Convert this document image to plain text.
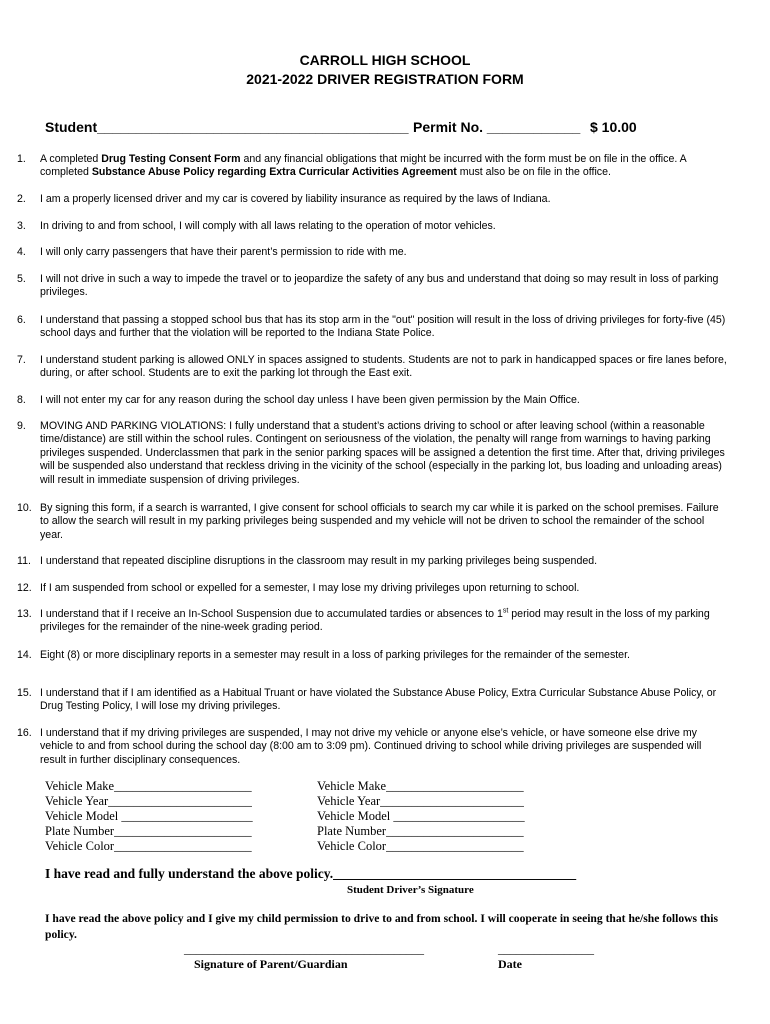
CARROLL HIGH SCHOOL
2021-2022 DRIVER REGISTRATION FORM
Student________________________________________ Permit No. ____________ $ 10.00
1. A completed Drug Testing Consent Form and any financial obligations that might be incurred with the form must be on file in the office. A completed Substance Abuse Policy regarding Extra Curricular Activities Agreement must also be on file in the office.
2. I am a properly licensed driver and my car is covered by liability insurance as required by the laws of Indiana.
3. In driving to and from school, I will comply with all laws relating to the operation of motor vehicles.
4. I will only carry passengers that have their parent’s permission to ride with me.
5. I will not drive in such a way to impede the travel or to jeopardize the safety of any bus and understand that doing so may result in loss of parking privileges.
6. I understand that passing a stopped school bus that has its stop arm in the "out" position will result in the loss of driving privileges for forty-five (45) school days and further that the violation will be reported to the Indiana State Police.
7. I understand student parking is allowed ONLY in spaces assigned to students. Students are not to park in handicapped spaces or fire lanes before, during, or after school. Students are to exit the parking lot through the East exit.
8. I will not enter my car for any reason during the school day unless I have been given permission by the Main Office.
9. MOVING AND PARKING VIOLATIONS: I fully understand that a student’s actions driving to school or after leaving school (within a reasonable time/distance) are still within the school rules. Contingent on seriousness of the violation, the penalty will range from warnings to having parking privileges suspended. Underclassmen that park in the senior parking spaces will be assigned a detention the first time. After that, driving privileges will be suspended also understand that reckless driving in the vicinity of the school (especially in the parking lot, bus loading and unloading areas) will result in immediate suspension of driving privileges.
10. By signing this form, if a search is warranted, I give consent for school officials to search my car while it is parked on the school premises. Failure to allow the search will result in my parking privileges being suspended and my vehicle will not be driven to school the remainder of the school year.
11. I understand that repeated discipline disruptions in the classroom may result in my parking privileges being suspended.
12. If I am suspended from school or expelled for a semester, I may lose my driving privileges upon returning to school.
13. I understand that if I receive an In-School Suspension due to accumulated tardies or absences to 1st period may result in the loss of my parking privileges for the remainder of the nine-week grading period.
14. Eight (8) or more disciplinary reports in a semester may result in a loss of parking privileges for the remainder of the semester.
15. I understand that if I am identified as a Habitual Truant or have violated the Substance Abuse Policy, Extra Curricular Substance Abuse Policy, or Drug Testing Policy, I will lose my driving privileges.
16. I understand that if my driving privileges are suspended, I may not drive my vehicle or anyone else’s vehicle, or have someone else drive my vehicle to and from school during the school day (8:00 am to 3:09 pm). Continued driving to school while driving privileges are suspended will result in further disciplinary consequences.
Vehicle Make______________________
Vehicle Year_______________________
Vehicle Model _____________________
Plate Number______________________
Vehicle Color______________________
Vehicle Make______________________
Vehicle Year_______________________
Vehicle Model _____________________
Plate Number______________________
Vehicle Color______________________
I have read and fully understand the above policy.____________________________________
Student Driver’s Signature
I have read the above policy and I give my child permission to drive to and from school. I will cooperate in seeing that he/she follows this policy.
________________________________________	________________
Signature of Parent/Guardian	Date
